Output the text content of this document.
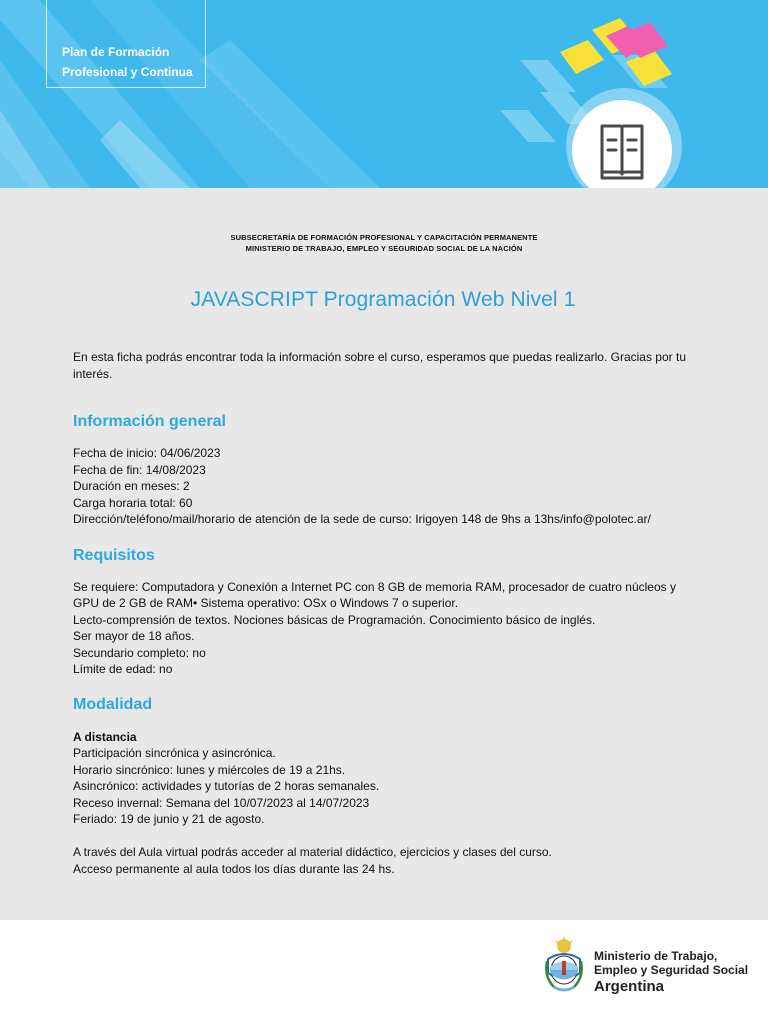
Plan de Formación
Profesional y Continua
SUBSECRETARÍA DE FORMACIÓN PROFESIONAL Y CAPACITACIÓN PERMANENTE
MINISTERIO DE TRABAJO, EMPLEO Y SEGURIDAD SOCIAL DE LA NACIÓN
JAVASCRIPT Programación Web Nivel 1

En esta ficha podrás encontrar toda la información sobre el curso, esperamos que puedas realizarlo. Gracias por tu interés.

Información general

Fecha de inicio: 04/06/2023

Fecha de fin: 14/08/2023

Duración en meses: 2

Carga horaria total: 60

Dirección/teléfono/mail/horario de atención de la sede de curso: Irigoyen 148 de 9hs a 13hs/info@polotec.ar/

Requisitos

Se requiere: Computadora y Conexión a Internet PC con 8 GB de memoria RAM, procesador de cuatro núcleos y GPU de 2 GB de RAM• Sistema operativo: OSx o Windows 7 o superior.

Lecto-comprensión de textos. Nociones básicas de Programación. Conocimiento básico de inglés.

Ser mayor de 18 años.

Secundario completo: no

Límite de edad: no

Modalidad

A distancia

Participación sincrónica y asincrónica.

Horario sincrónico: lunes y miércoles de 19 a 21hs.

Asincrónico: actividades y tutorías de 2 horas semanales.

Receso invernal: Semana del 10/07/2023 al 14/07/2023

Feriado: 19 de junio y 21 de agosto.

A través del Aula virtual podrás acceder al material didáctico, ejercicios y clases del curso.

Acceso permanente al aula todos los días durante las 24 hs.

Ministerio de Trabajo,
Empleo y Seguridad Social
Argentina
